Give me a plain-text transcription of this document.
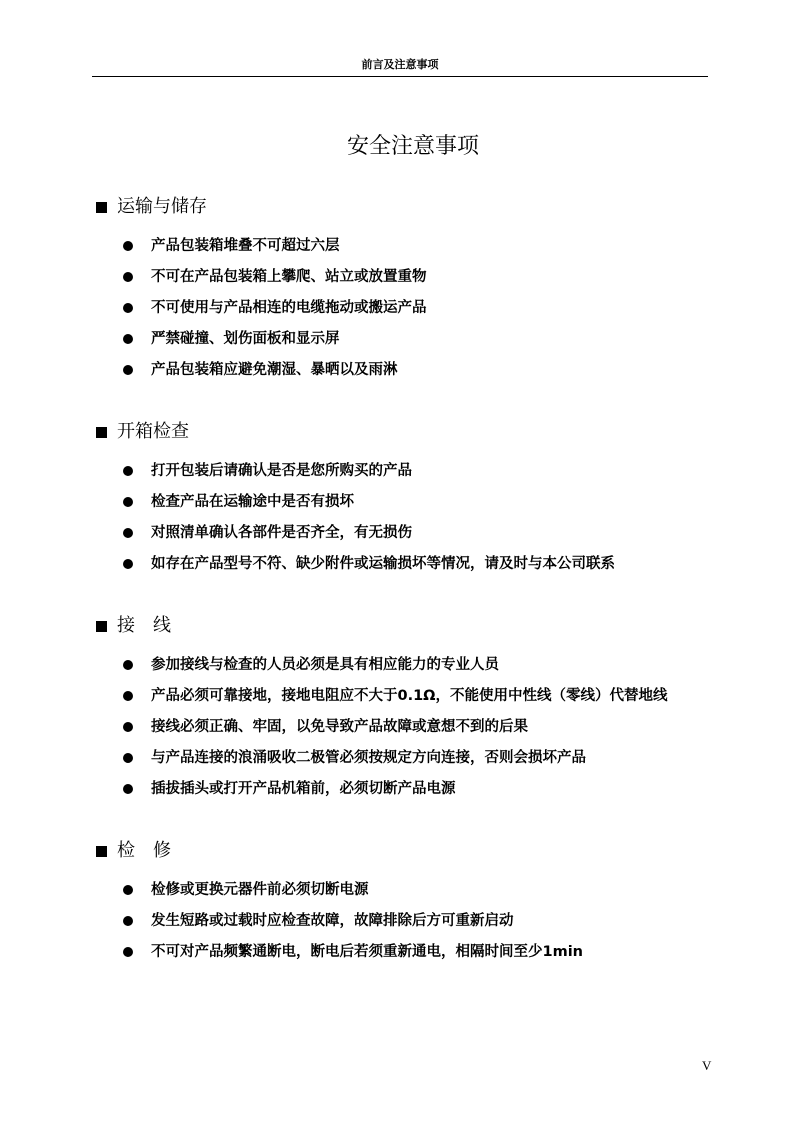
前言及注意事项
安全注意事项
运输与储存
产品包装箱堆叠不可超过六层
不可在产品包装箱上攀爬、站立或放置重物
不可使用与产品相连的电缆拖动或搬运产品
严禁碰撞、划伤面板和显示屏
产品包装箱应避免潮湿、暴晒以及雨淋
开箱检查
打开包装后请确认是否是您所购买的产品
检查产品在运输途中是否有损坏
对照清单确认各部件是否齐全，有无损伤
如存在产品型号不符、缺少附件或运输损坏等情况，请及时与本公司联系
接　线
参加接线与检查的人员必须是具有相应能力的专业人员
产品必须可靠接地，接地电阻应不大于0.1Ω，不能使用中性线（零线）代替地线
接线必须正确、牢固，以免导致产品故障或意想不到的后果
与产品连接的浪涌吸收二极管必须按规定方向连接，否则会损坏产品
插拔插头或打开产品机箱前，必须切断产品电源
检　修
检修或更换元器件前必须切断电源
发生短路或过载时应检查故障，故障排除后方可重新启动
不可对产品频繁通断电，断电后若须重新通电，相隔时间至少1min
V
